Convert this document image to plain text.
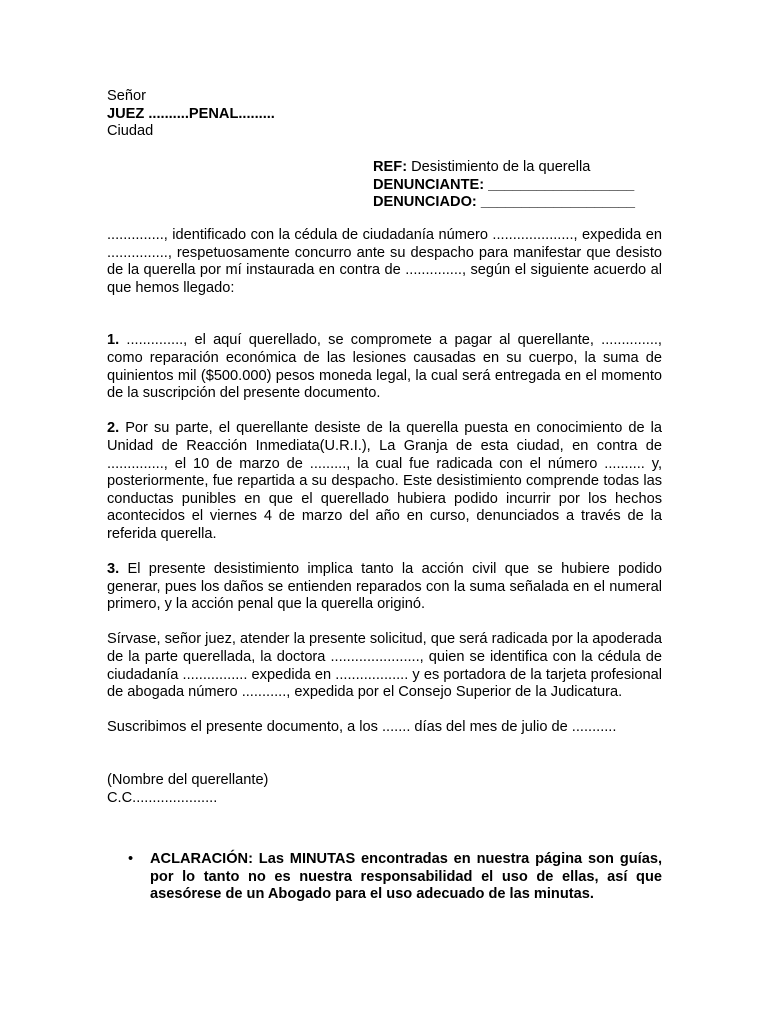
Señor
JUEZ ..........PENAL.........
Ciudad
REF: Desistimiento de la querella
DENUNCIANTE: __________________
DENUNCIADO: ___________________

.............., identificado con la cédula de ciudadanía número ...................., expedida en ..............., respetuosamente concurro ante su despacho para manifestar que desisto de la querella por mí instaurada en contra de .............., según el siguiente acuerdo al que hemos llegado:

1. .............., el aquí querellado, se compromete a pagar al querellante, .............., como reparación económica de las lesiones causadas en su cuerpo, la suma de quinientos mil ($500.000) pesos moneda legal, la cual será entregada en el momento de la suscripción del presente documento.

2. Por su parte, el querellante desiste de la querella puesta en conocimiento de la Unidad de Reacción Inmediata(U.R.I.), La Granja de esta ciudad, en contra de .............., el 10 de marzo de ........., la cual fue radicada con el número .......... y, posteriormente, fue repartida a su despacho. Este desistimiento comprende todas las conductas punibles en que el querellado hubiera podido incurrir por los hechos acontecidos el viernes 4 de marzo del año en curso, denunciados a través de la referida querella.

3. El presente desistimiento implica tanto la acción civil que se hubiere podido generar, pues los daños se entienden reparados con la suma señalada en el numeral primero, y la acción penal que la querella originó.

Sírvase, señor juez, atender la presente solicitud, que será radicada por la apoderada de la parte querellada, la doctora ......................, quien se identifica con la cédula de ciudadanía ................ expedida en .................. y es portadora de la tarjeta profesional de abogada número ..........., expedida por el Consejo Superior de la Judicatura.

Suscribimos el presente documento, a los ....... días del mes de julio de ...........

(Nombre del querellante)
C.C.....................
• ACLARACIÓN: Las MINUTAS encontradas en nuestra página son guías, por lo tanto no es nuestra responsabilidad el uso de ellas, así que asesórese de un Abogado para el uso adecuado de las minutas.
